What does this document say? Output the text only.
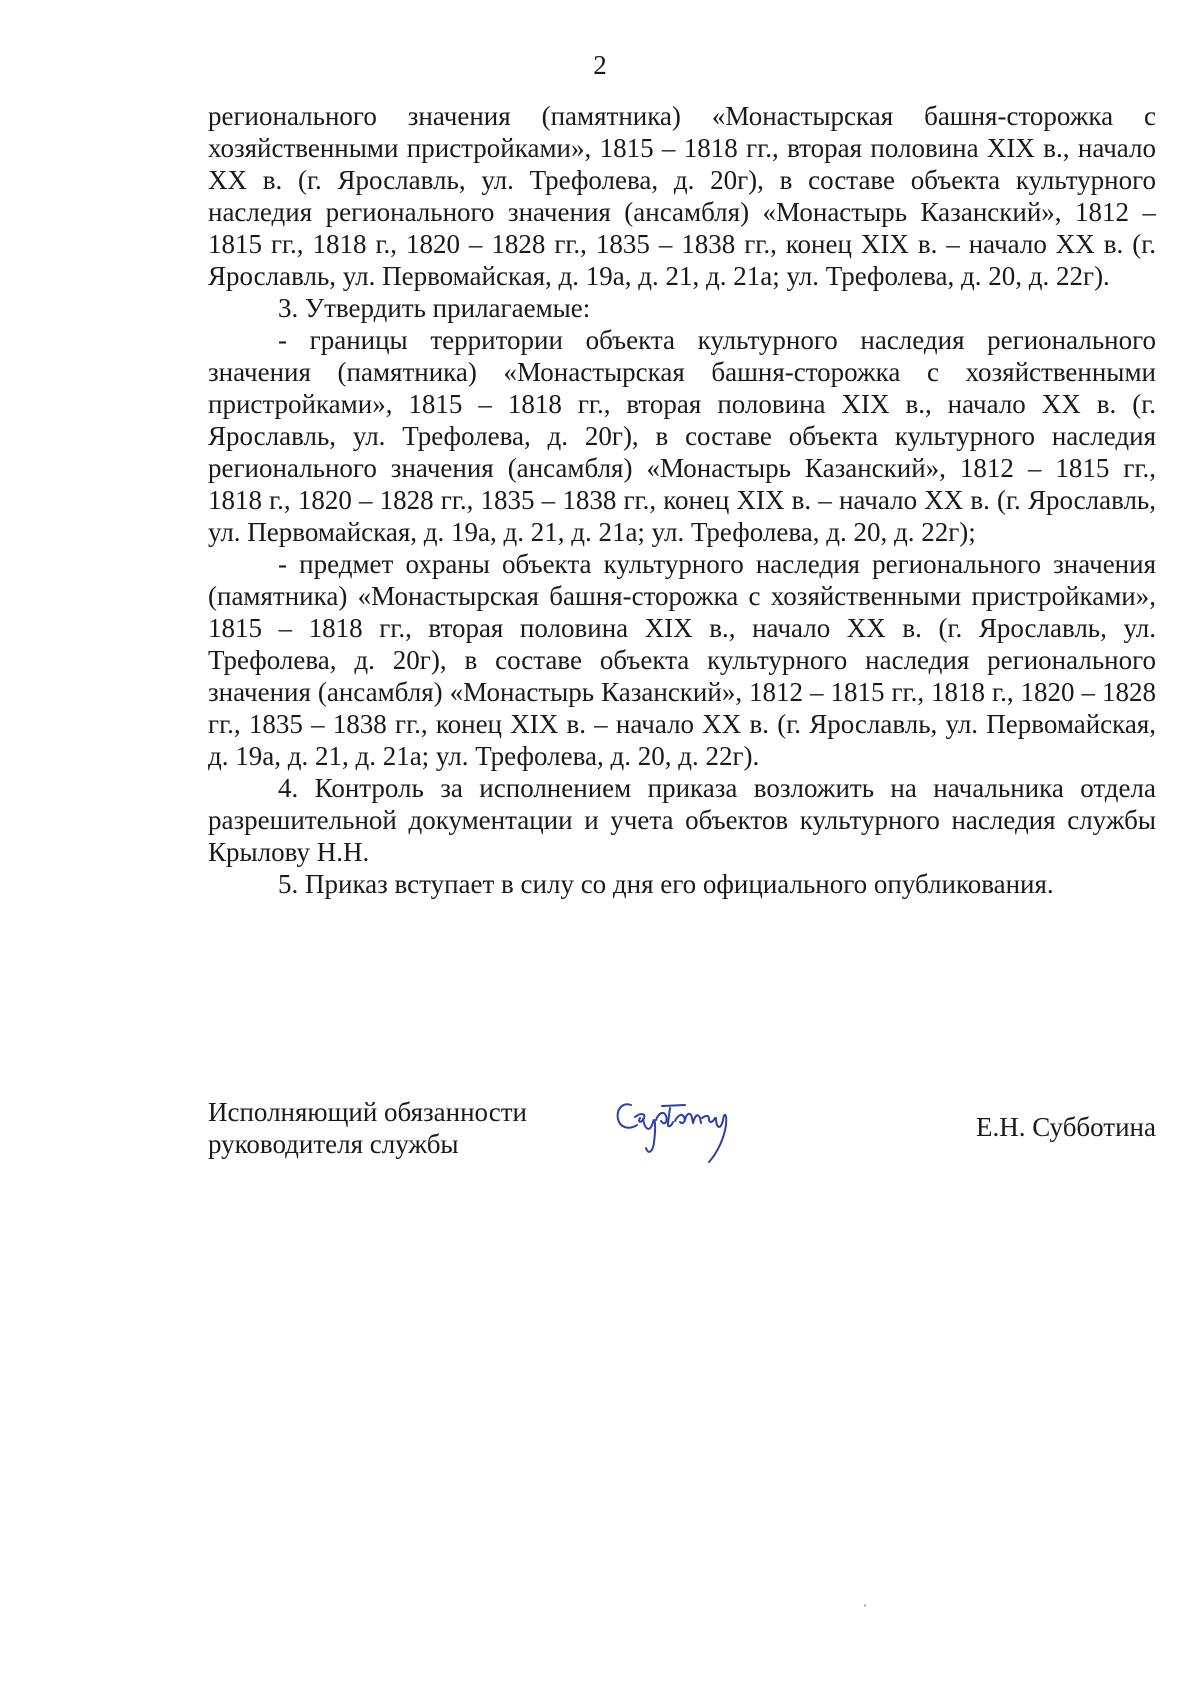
2

регионального значения (памятника) «Монастырская башня-сторожка с хозяйственными пристройками», 1815 – 1818 гг., вторая половина XIX в., начало XX в. (г. Ярославль, ул. Трефолева, д. 20г), в составе объекта культурного наследия регионального значения (ансамбля) «Монастырь Казанский», 1812 – 1815 гг., 1818 г., 1820 – 1828 гг., 1835 – 1838 гг., конец XIX в. – начало XX в. (г. Ярославль, ул. Первомайская, д. 19а, д. 21, д. 21а; ул. Трефолева, д. 20, д. 22г).

3. Утвердить прилагаемые:

- границы территории объекта культурного наследия регионального значения (памятника) «Монастырская башня-сторожка с хозяйственными пристройками», 1815 – 1818 гг., вторая половина XIX в., начало XX в. (г. Ярославль, ул. Трефолева, д. 20г), в составе объекта культурного наследия регионального значения (ансамбля) «Монастырь Казанский», 1812 – 1815 гг., 1818 г., 1820 – 1828 гг., 1835 – 1838 гг., конец XIX в. – начало XX в. (г. Ярославль, ул. Первомайская, д. 19а, д. 21, д. 21а; ул. Трефолева, д. 20, д. 22г);

- предмет охраны объекта культурного наследия регионального значения (памятника) «Монастырская башня-сторожка с хозяйственными пристройками», 1815 – 1818 гг., вторая половина XIX в., начало XX в. (г. Ярославль, ул. Трефолева, д. 20г), в составе объекта культурного наследия регионального значения (ансамбля) «Монастырь Казанский», 1812 – 1815 гг., 1818 г., 1820 – 1828 гг., 1835 – 1838 гг., конец XIX в. – начало XX в. (г. Ярославль, ул. Первомайская, д. 19а, д. 21, д. 21а; ул. Трефолева, д. 20, д. 22г).

4. Контроль за исполнением приказа возложить на начальника отдела разрешительной документации и учета объектов культурного наследия службы Крылову Н.Н.

5. Приказ вступает в силу со дня его официального опубликования.

Исполняющий обязанности
руководителя службы
Е.Н. Субботина
